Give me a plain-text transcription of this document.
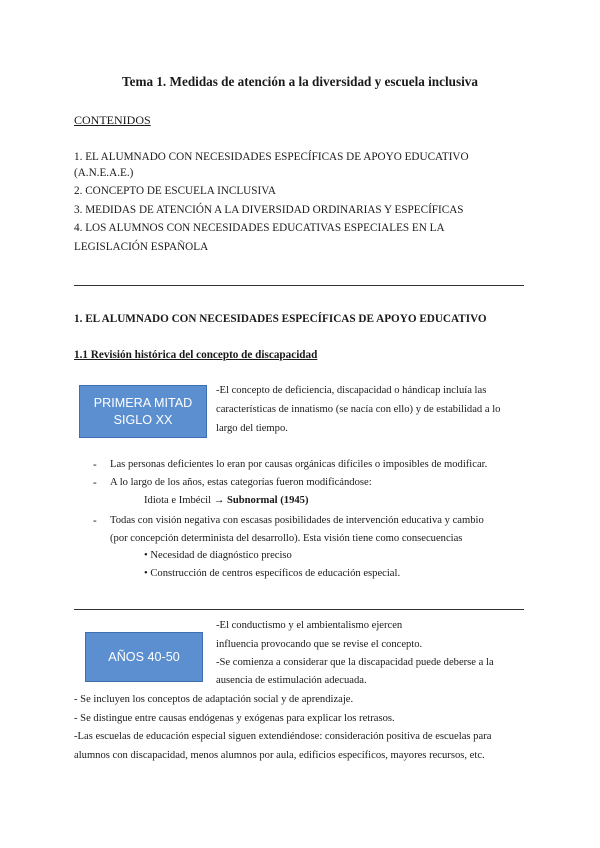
Tema 1. Medidas de atención a la diversidad y escuela inclusiva
CONTENIDOS
1. EL ALUMNADO CON NECESIDADES ESPECÍFICAS DE APOYO EDUCATIVO
(A.N.E.A.E.)
2. CONCEPTO DE ESCUELA INCLUSIVA
3. MEDIDAS DE ATENCIÓN A LA DIVERSIDAD ORDINARIAS Y ESPECÍFICAS
4. LOS ALUMNOS CON NECESIDADES EDUCATIVAS ESPECIALES EN LA
LEGISLACIÓN ESPAÑOLA
1. EL ALUMNADO CON NECESIDADES ESPECÍFICAS DE APOYO EDUCATIVO
1.1 Revisión histórica del concepto de discapacidad
PRIMERA MITAD
SIGLO XX
-El concepto de deficiencia, discapacidad o hándicap incluía las
características de innatismo (se nacía con ello) y de estabilidad a lo
largo del tiempo.
- Las personas deficientes lo eran por causas orgánicas difíciles o imposibles de modificar.
- A lo largo de los años, estas categorías fueron modificándose:
Idiota e Imbécil → Subnormal (1945)
- Todas con visión negativa con escasas posibilidades de intervención educativa y cambio
(por concepción determinista del desarrollo). Esta visión tiene como consecuencias
• Necesidad de diagnóstico preciso
• Construcción de centros específicos de educación especial.
AÑOS 40-50
-El conductismo y el ambientalismo ejercen
influencia provocando que se revise el concepto.
-Se comienza a considerar que la discapacidad puede deberse a la
ausencia de estimulación adecuada.
- Se incluyen los conceptos de adaptación social y de aprendizaje.
- Se distingue entre causas endógenas y exógenas para explicar los retrasos.
-Las escuelas de educación especial siguen extendiéndose: consideración positiva de escuelas para
alumnos con discapacidad, menos alumnos por aula, edificios específicos, mayores recursos, etc.
